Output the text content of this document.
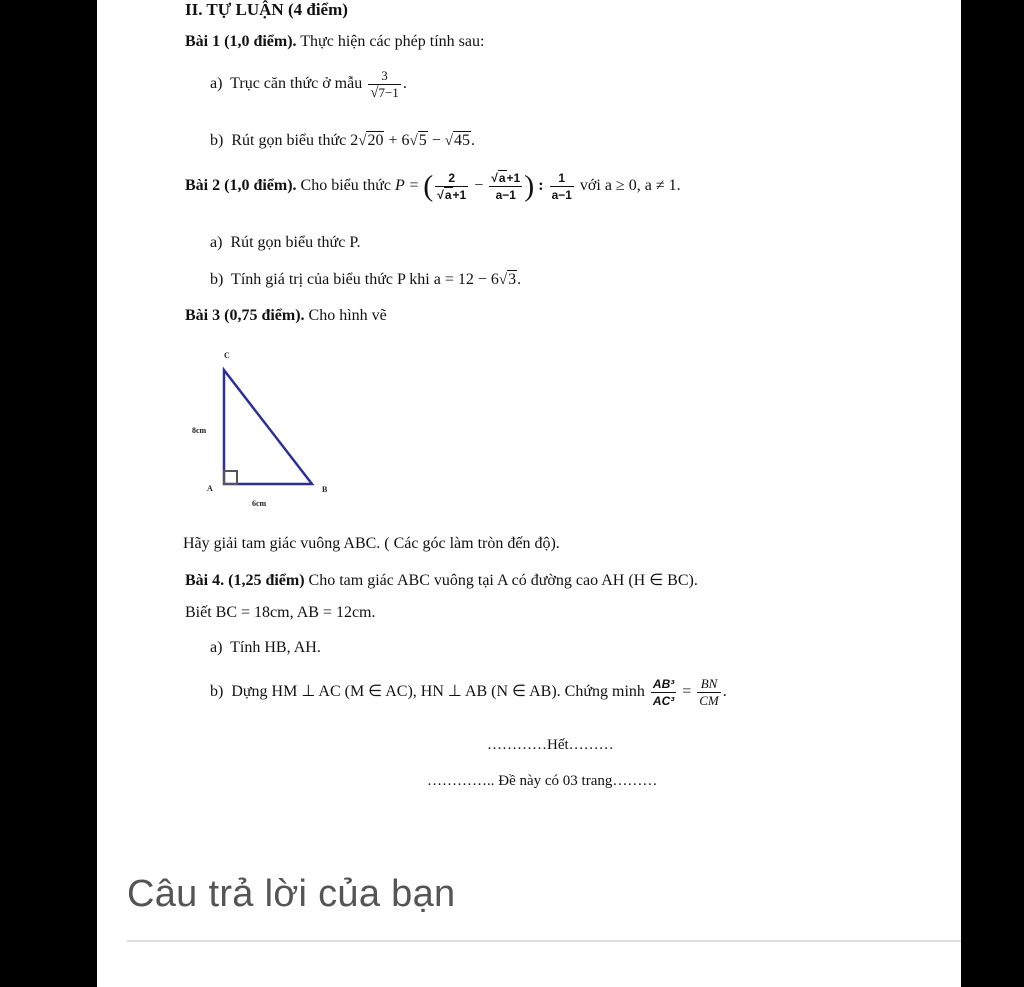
II. TỰ LUẬN (4 điểm)
Bài 1 (1,0 điểm). Thực hiện các phép tính sau:
a) Trục căn thức ở mẫu $\frac{3}{√7-1}$ .
b) Rút gọn biểu thức 2√20 + 6√5 − √45.
Bài 2 (1,0 điểm). Cho biểu thức P = ( $\frac{2}{√a+1} - \frac{√a+1}{a-1}$ ) : $\frac{1}{a-1}$ với a ≥ 0, a ≠ 1.
a) Rút gọn biểu thức P.
b) Tính giá trị của biểu thức P khi a = 12 − 6√3.
Bài 3 (0,75 điểm). Cho hình vẽ
C
8cm
A	B
6cm
Hãy giải tam giác vuông ABC. ( Các góc làm tròn đến độ).
Bài 4. (1,25 điểm) Cho tam giác ABC vuông tại A có đường cao AH (H ∈ BC).
Biết BC = 18cm, AB = 12cm.
a) Tính HB, AH.
b) Dựng HM ⊥ AC (M ∈ AC), HN ⊥ AB (N ∈ AB). Chứng minh $\frac{\text{AB³}}{\text{AC³}} = \frac{BN}{CM}$ .
…………Hết………
………….. Đề này có 03 trang………
Câu trả lời của bạn
